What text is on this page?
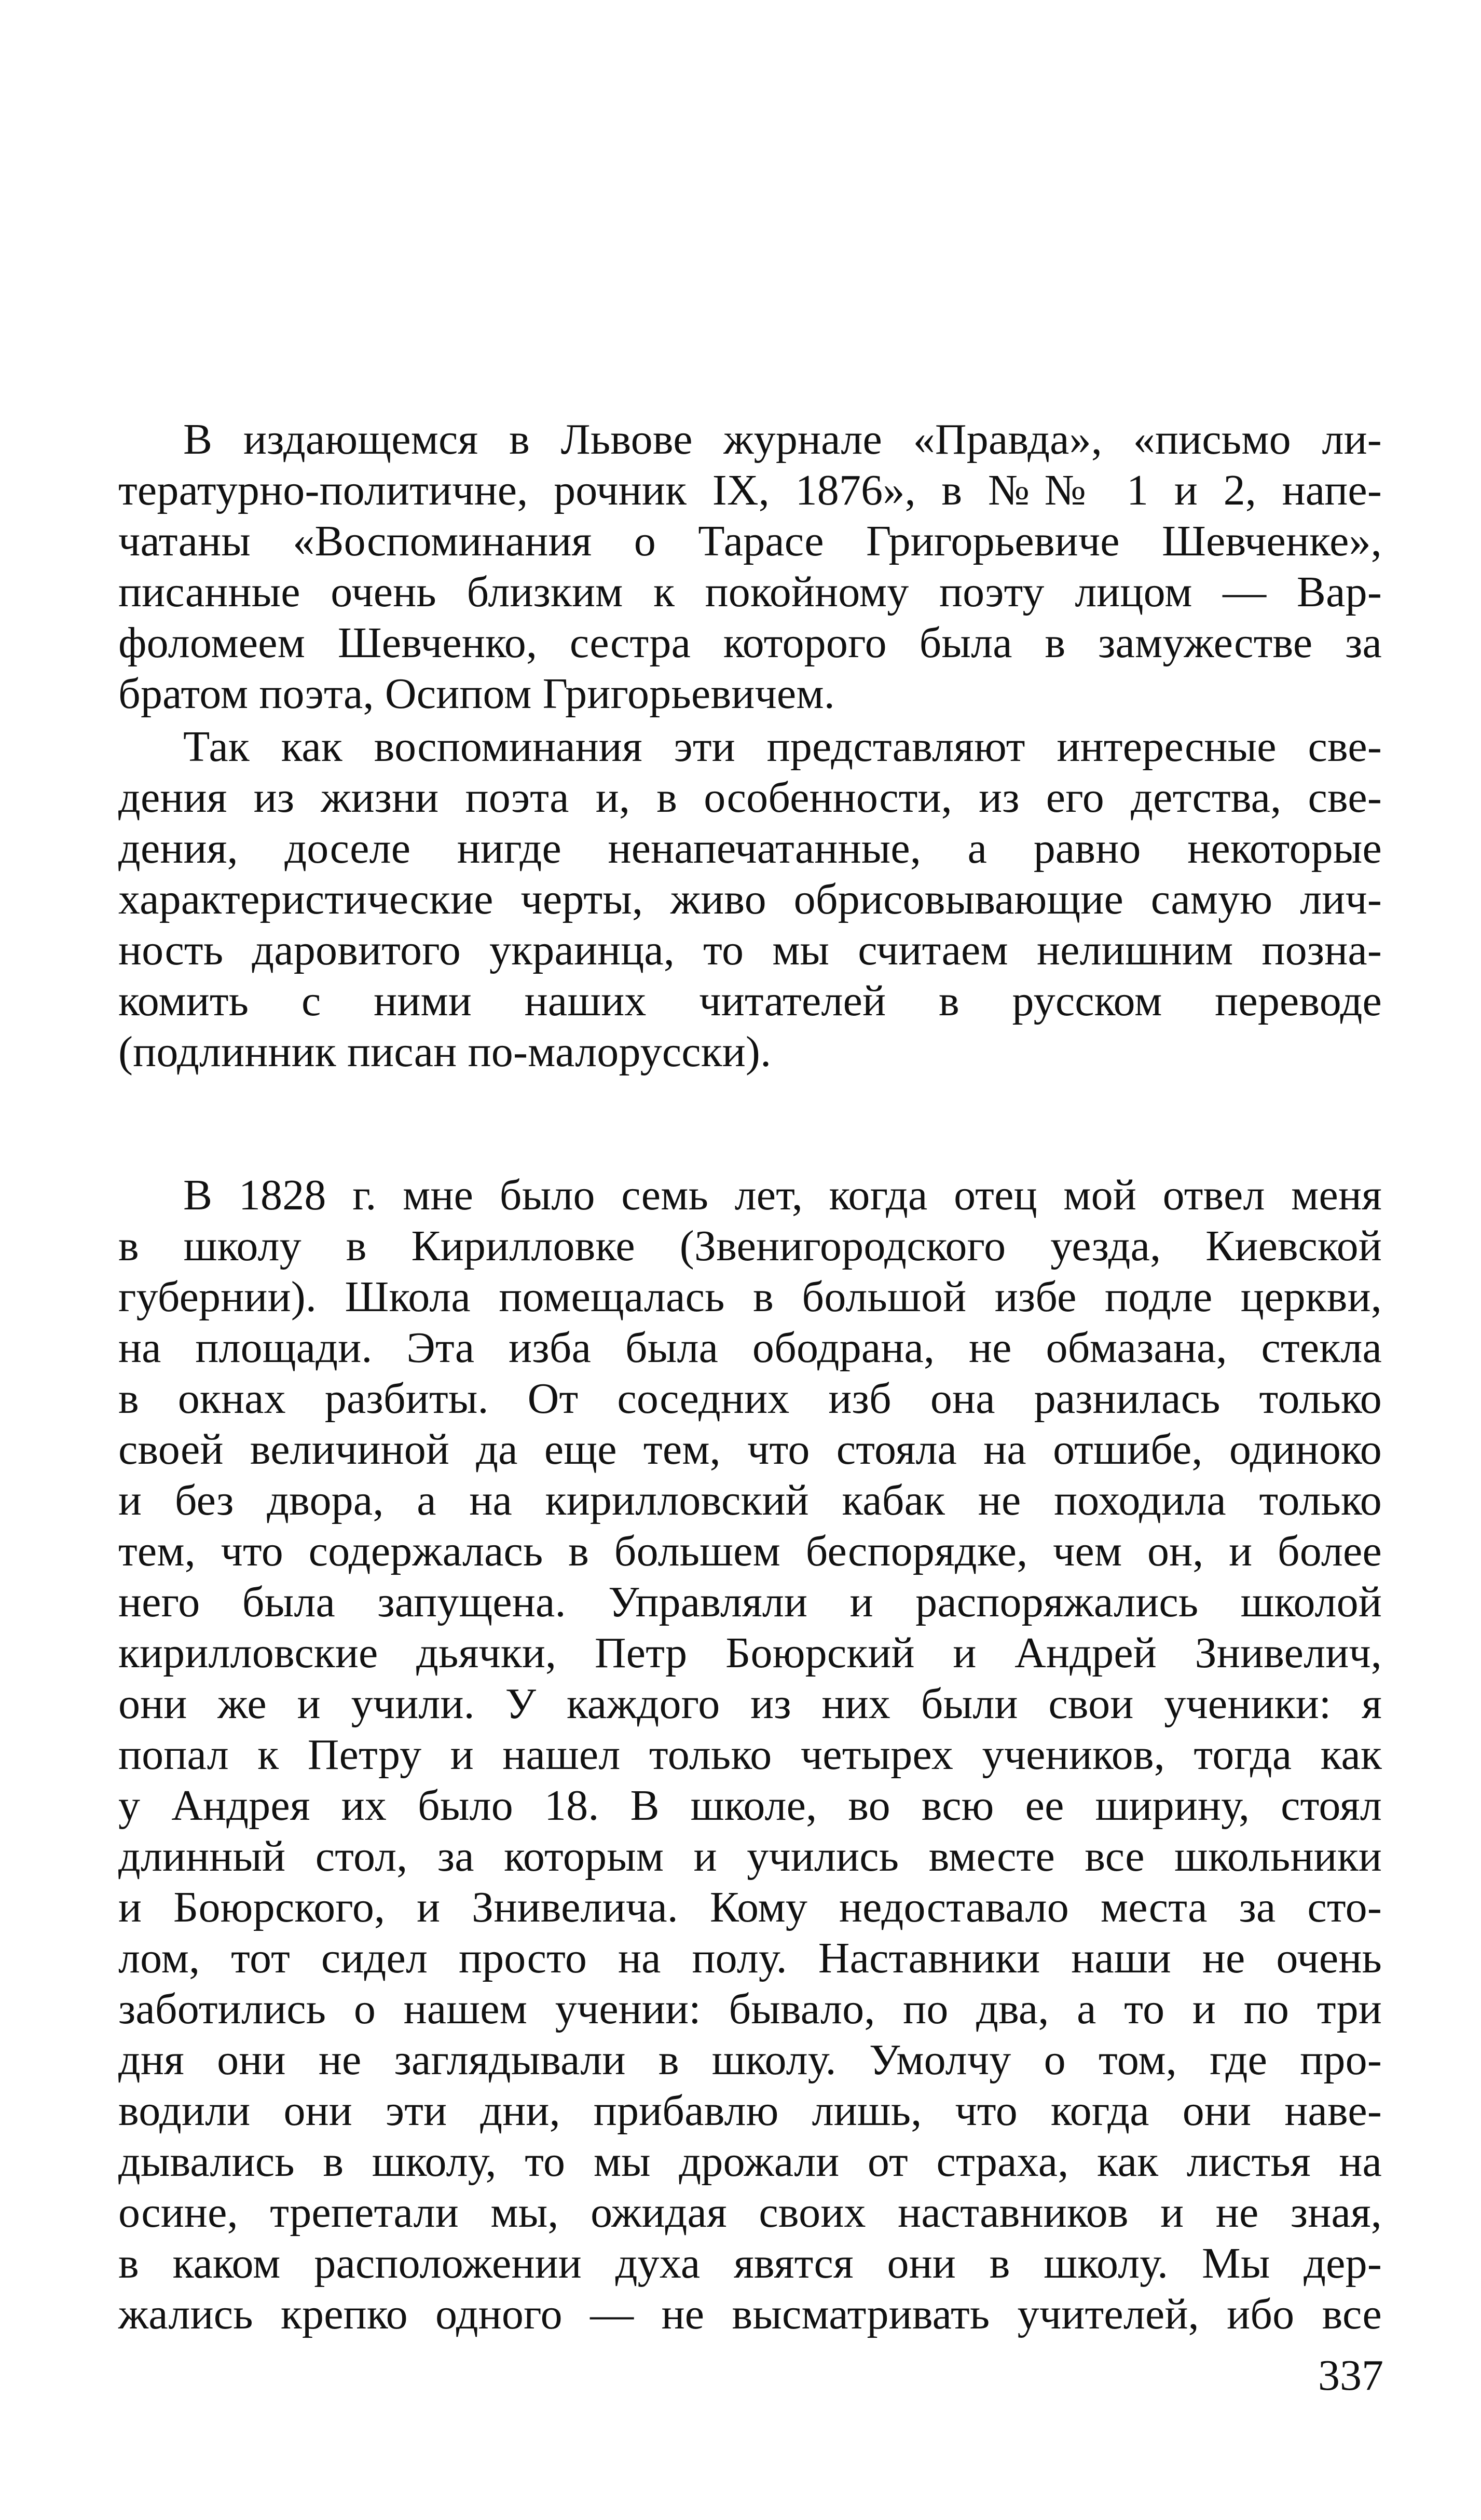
В издающемся в Львове журнале «Правда», «письмо ли-
тературно-политичне, рочник IX, 1876», в №№ 1 и 2, напе-
чатаны «Воспоминания о Тарасе Григорьевиче Шевченке»,
писанные очень близким к покойному поэту лицом — Вар-
фоломеем Шевченко, сестра которого была в замужестве за
братом поэта, Осипом Григорьевичем.
Так как воспоминания эти представляют интересные све-
дения из жизни поэта и, в особенности, из его детства, све-
дения, доселе нигде ненапечатанные, а равно некоторые
характеристические черты, живо обрисовывающие самую лич-
ность даровитого украинца, то мы считаем нелишним позна-
комить с ними наших читателей в русском переводе
(подлинник писан по-малорусски).
В 1828 г. мне было семь лет, когда отец мой отвел меня
в школу в Кирилловке (Звенигородского уезда, Киевской
губернии). Школа помещалась в большой избе подле церкви,
на площади. Эта изба была ободрана, не обмазана, стекла
в окнах разбиты. От соседних изб она разнилась только
своей величиной да еще тем, что стояла на отшибе, одиноко
и без двора, а на кирилловский кабак не походила только
тем, что содержалась в большем беспорядке, чем он, и более
него была запущена. Управляли и распоряжались школой
кирилловские дьячки, Петр Боюрский и Андрей Знивелич,
они же и учили. У каждого из них были свои ученики: я
попал к Петру и нашел только четырех учеников, тогда как
у Андрея их было 18. В школе, во всю ее ширину, стоял
длинный стол, за которым и учились вместе все школьники
и Боюрского, и Знивелича. Кому недоставало места за сто-
лом, тот сидел просто на полу. Наставники наши не очень
заботились о нашем учении: бывало, по два, а то и по три
дня они не заглядывали в школу. Умолчу о том, где про-
водили они эти дни, прибавлю лишь, что когда они наве-
дывались в школу, то мы дрожали от страха, как листья на
осине, трепетали мы, ожидая своих наставников и не зная,
в каком расположении духа явятся они в школу. Мы дер-
жались крепко одного — не высматривать учителей, ибо все
337
